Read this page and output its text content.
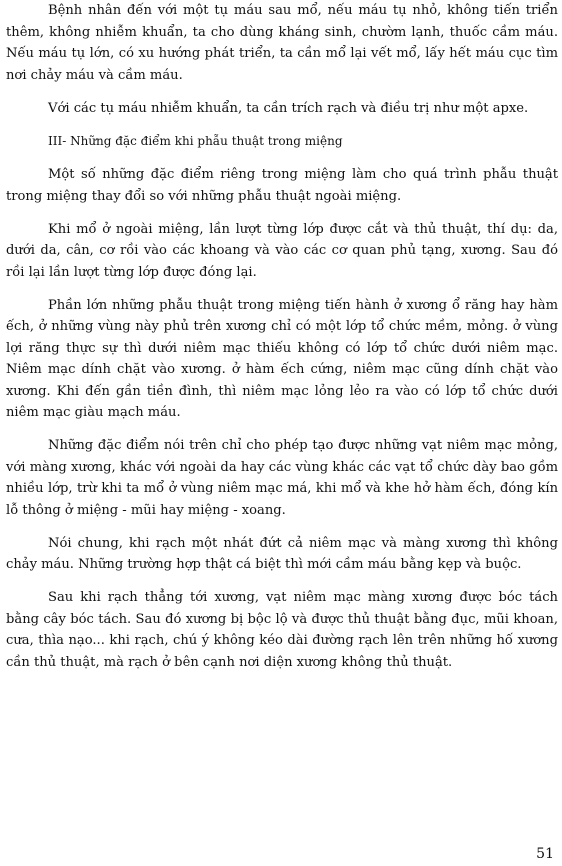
Bệnh nhân đến với một tụ máu sau mổ, nếu máu tụ nhỏ, không tiến triển thêm, không nhiễm khuẩn, ta cho dùng kháng sinh, chườm lạnh, thuốc cầm máu. Nếu máu tụ lớn, có xu hướng phát triển, ta cần mổ lại vết mổ, lấy hết máu cục tìm nơi chảy máu và cầm máu.

Với các tụ máu nhiễm khuẩn, ta cần trích rạch và điều trị như một apxe.

III- Những đặc điểm khi phẫu thuật trong miệng

Một số những đặc điểm riêng trong miệng làm cho quá trình phẫu thuật trong miệng thay đổi so với những phẫu thuật ngoài miệng.

Khi mổ ở ngoài miệng, lần lượt từng lớp được cắt và thủ thuật, thí dụ: da, dưới da, cân, cơ rồi vào các khoang và vào các cơ quan phủ tạng, xương. Sau đó rồi lại lần lượt từng lớp được đóng lại.

Phần lớn những phẫu thuật trong miệng tiến hành ở xương ổ răng hay hàm ếch, ở những vùng này phủ trên xương chỉ có một lớp tổ chức mềm, mỏng. ở vùng lợi răng thực sự thì dưới niêm mạc thiếu không có lớp tổ chức dưới niêm mạc. Niêm mạc dính chặt vào xương. ở hàm ếch cứng, niêm mạc cũng dính chặt vào xương. Khi đến gần tiền đình, thì niêm mạc lỏng lẻo ra vào có lớp tổ chức dưới niêm mạc giàu mạch máu.

Những đặc điểm nói trên chỉ cho phép tạo được những vạt niêm mạc mỏng, với màng xương, khác với ngoài da hay các vùng khác các vạt tổ chức dày bao gồm nhiều lớp, trừ khi ta mổ ở vùng niêm mạc má, khi mổ và khe hở hàm ếch, đóng kín lỗ thông ở miệng - mũi hay miệng - xoang.

Nói chung, khi rạch một nhát đứt cả niêm mạc và màng xương thì không chảy máu. Những trường hợp thật cá biệt thì mới cầm máu bằng kẹp và buộc.

Sau khi rạch thẳng tới xương, vạt niêm mạc màng xương được bóc tách bằng cây bóc tách. Sau đó xương bị bộc lộ và được thủ thuật bằng đục, mũi khoan, cưa, thìa nạo... khi rạch, chú ý không kéo dài đường rạch lên trên những hố xương cần thủ thuật, mà rạch ở bên cạnh nơi diện xương không thủ thuật.

51
